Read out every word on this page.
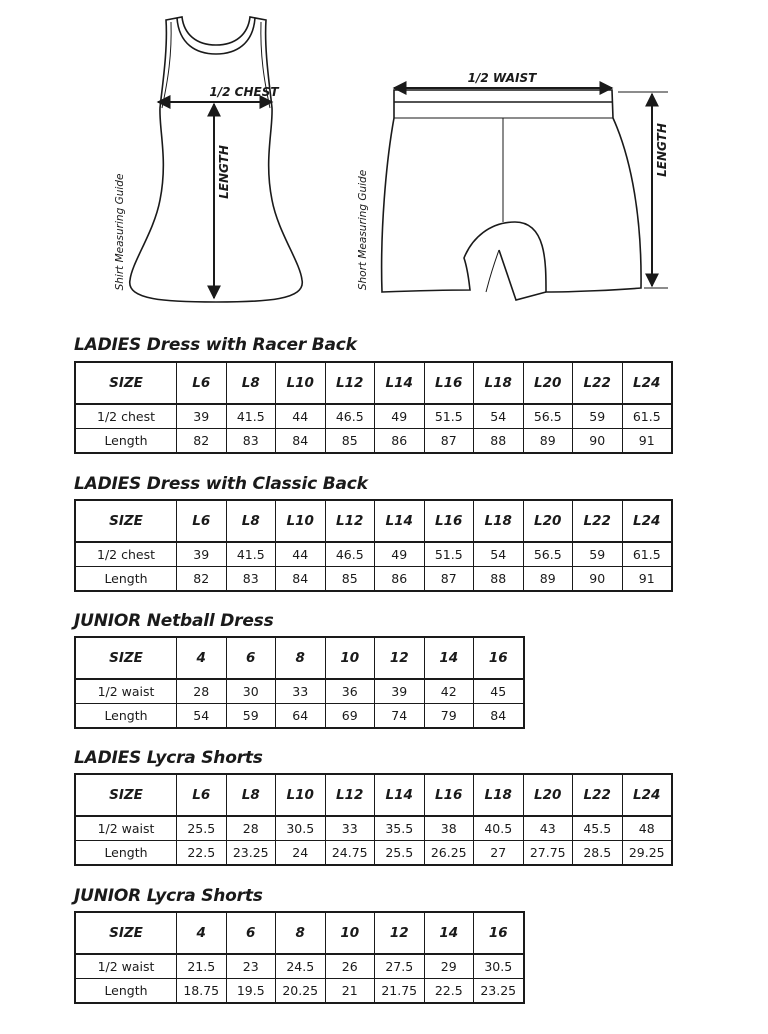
1/2 CHEST
LENGTH
Shirt Measuring Guide
1/2 WAIST
LENGTH
Short Measuring Guide
LADIES Dress with Racer Back
SIZE	L6	L8	L10	L12	L14	L16	L18	L20	L22	L24
1/2 chest	39	41.5	44	46.5	49	51.5	54	56.5	59	61.5
Length	82	83	84	85	86	87	88	89	90	91
LADIES Dress with Classic Back
SIZE	L6	L8	L10	L12	L14	L16	L18	L20	L22	L24
1/2 chest	39	41.5	44	46.5	49	51.5	54	56.5	59	61.5
Length	82	83	84	85	86	87	88	89	90	91
JUNIOR Netball Dress
SIZE	4	6	8	10	12	14	16
1/2 waist	28	30	33	36	39	42	45
Length	54	59	64	69	74	79	84
LADIES Lycra Shorts
SIZE	L6	L8	L10	L12	L14	L16	L18	L20	L22	L24
1/2 waist	25.5	28	30.5	33	35.5	38	40.5	43	45.5	48
Length	22.5	23.25	24	24.75	25.5	26.25	27	27.75	28.5	29.25
JUNIOR Lycra Shorts
SIZE	4	6	8	10	12	14	16
1/2 waist	21.5	23	24.5	26	27.5	29	30.5
Length	18.75	19.5	20.25	21	21.75	22.5	23.25
